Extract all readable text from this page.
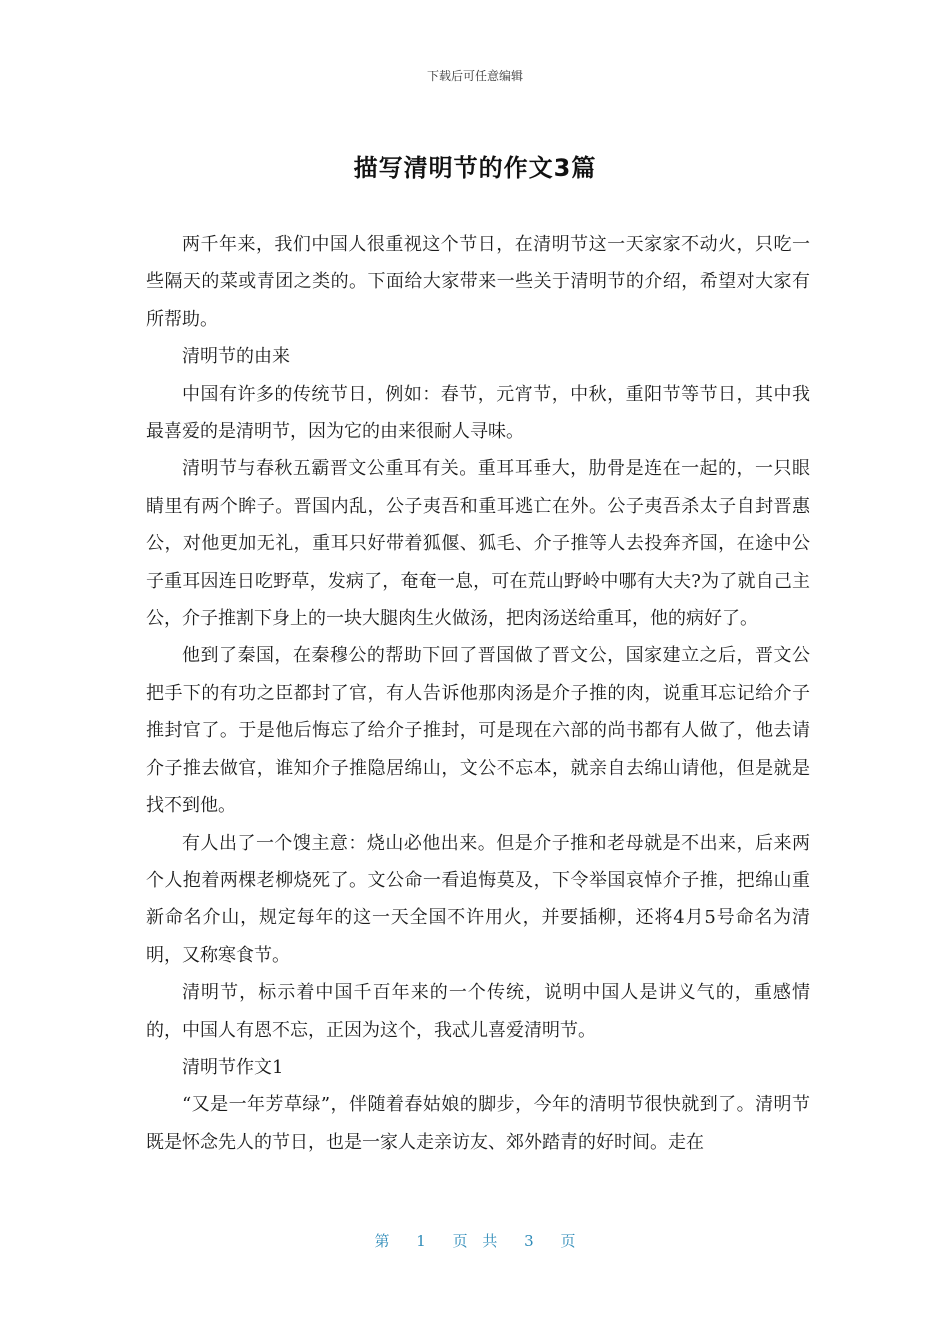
下载后可任意编辑
描写清明节的作文3篇

两千年来，我们中国人很重视这个节日，在清明节这一天家家不动火，只吃一些隔天的菜或青团之类的。下面给大家带来一些关于清明节的介绍，希望对大家有所帮助。

清明节的由来

中国有许多的传统节日，例如：春节，元宵节，中秋，重阳节等节日，其中我最喜爱的是清明节，因为它的由来很耐人寻味。

清明节与春秋五霸晋文公重耳有关。重耳耳垂大，肋骨是连在一起的，一只眼睛里有两个眸子。晋国内乱，公子夷吾和重耳逃亡在外。公子夷吾杀太子自封晋惠公，对他更加无礼，重耳只好带着狐偃、狐毛、介子推等人去投奔齐国，在途中公子重耳因连日吃野草，发病了，奄奄一息，可在荒山野岭中哪有大夫?为了就自己主公，介子推割下身上的一块大腿肉生火做汤，把肉汤送给重耳，他的病好了。

他到了秦国，在秦穆公的帮助下回了晋国做了晋文公，国家建立之后，晋文公把手下的有功之臣都封了官，有人告诉他那肉汤是介子推的肉，说重耳忘记给介子推封官了。于是他后悔忘了给介子推封，可是现在六部的尚书都有人做了，他去请介子推去做官，谁知介子推隐居绵山，文公不忘本，就亲自去绵山请他，但是就是找不到他。

有人出了一个馊主意：烧山必他出来。但是介子推和老母就是不出来，后来两个人抱着两棵老柳烧死了。文公命一看追悔莫及，下令举国哀悼介子推，把绵山重新命名介山，规定每年的这一天全国不许用火，并要插柳，还将4月5号命名为清明，又称寒食节。

清明节，标示着中国千百年来的一个传统，说明中国人是讲义气的，重感情的，中国人有恩不忘，正因为这个，我忒儿喜爱清明节。

清明节作文1

“又是一年芳草绿”，伴随着春姑娘的脚步，今年的清明节很快就到了。清明节既是怀念先人的节日，也是一家人走亲访友、郊外踏青的好时间。走在

第 1 页 共 3 页
